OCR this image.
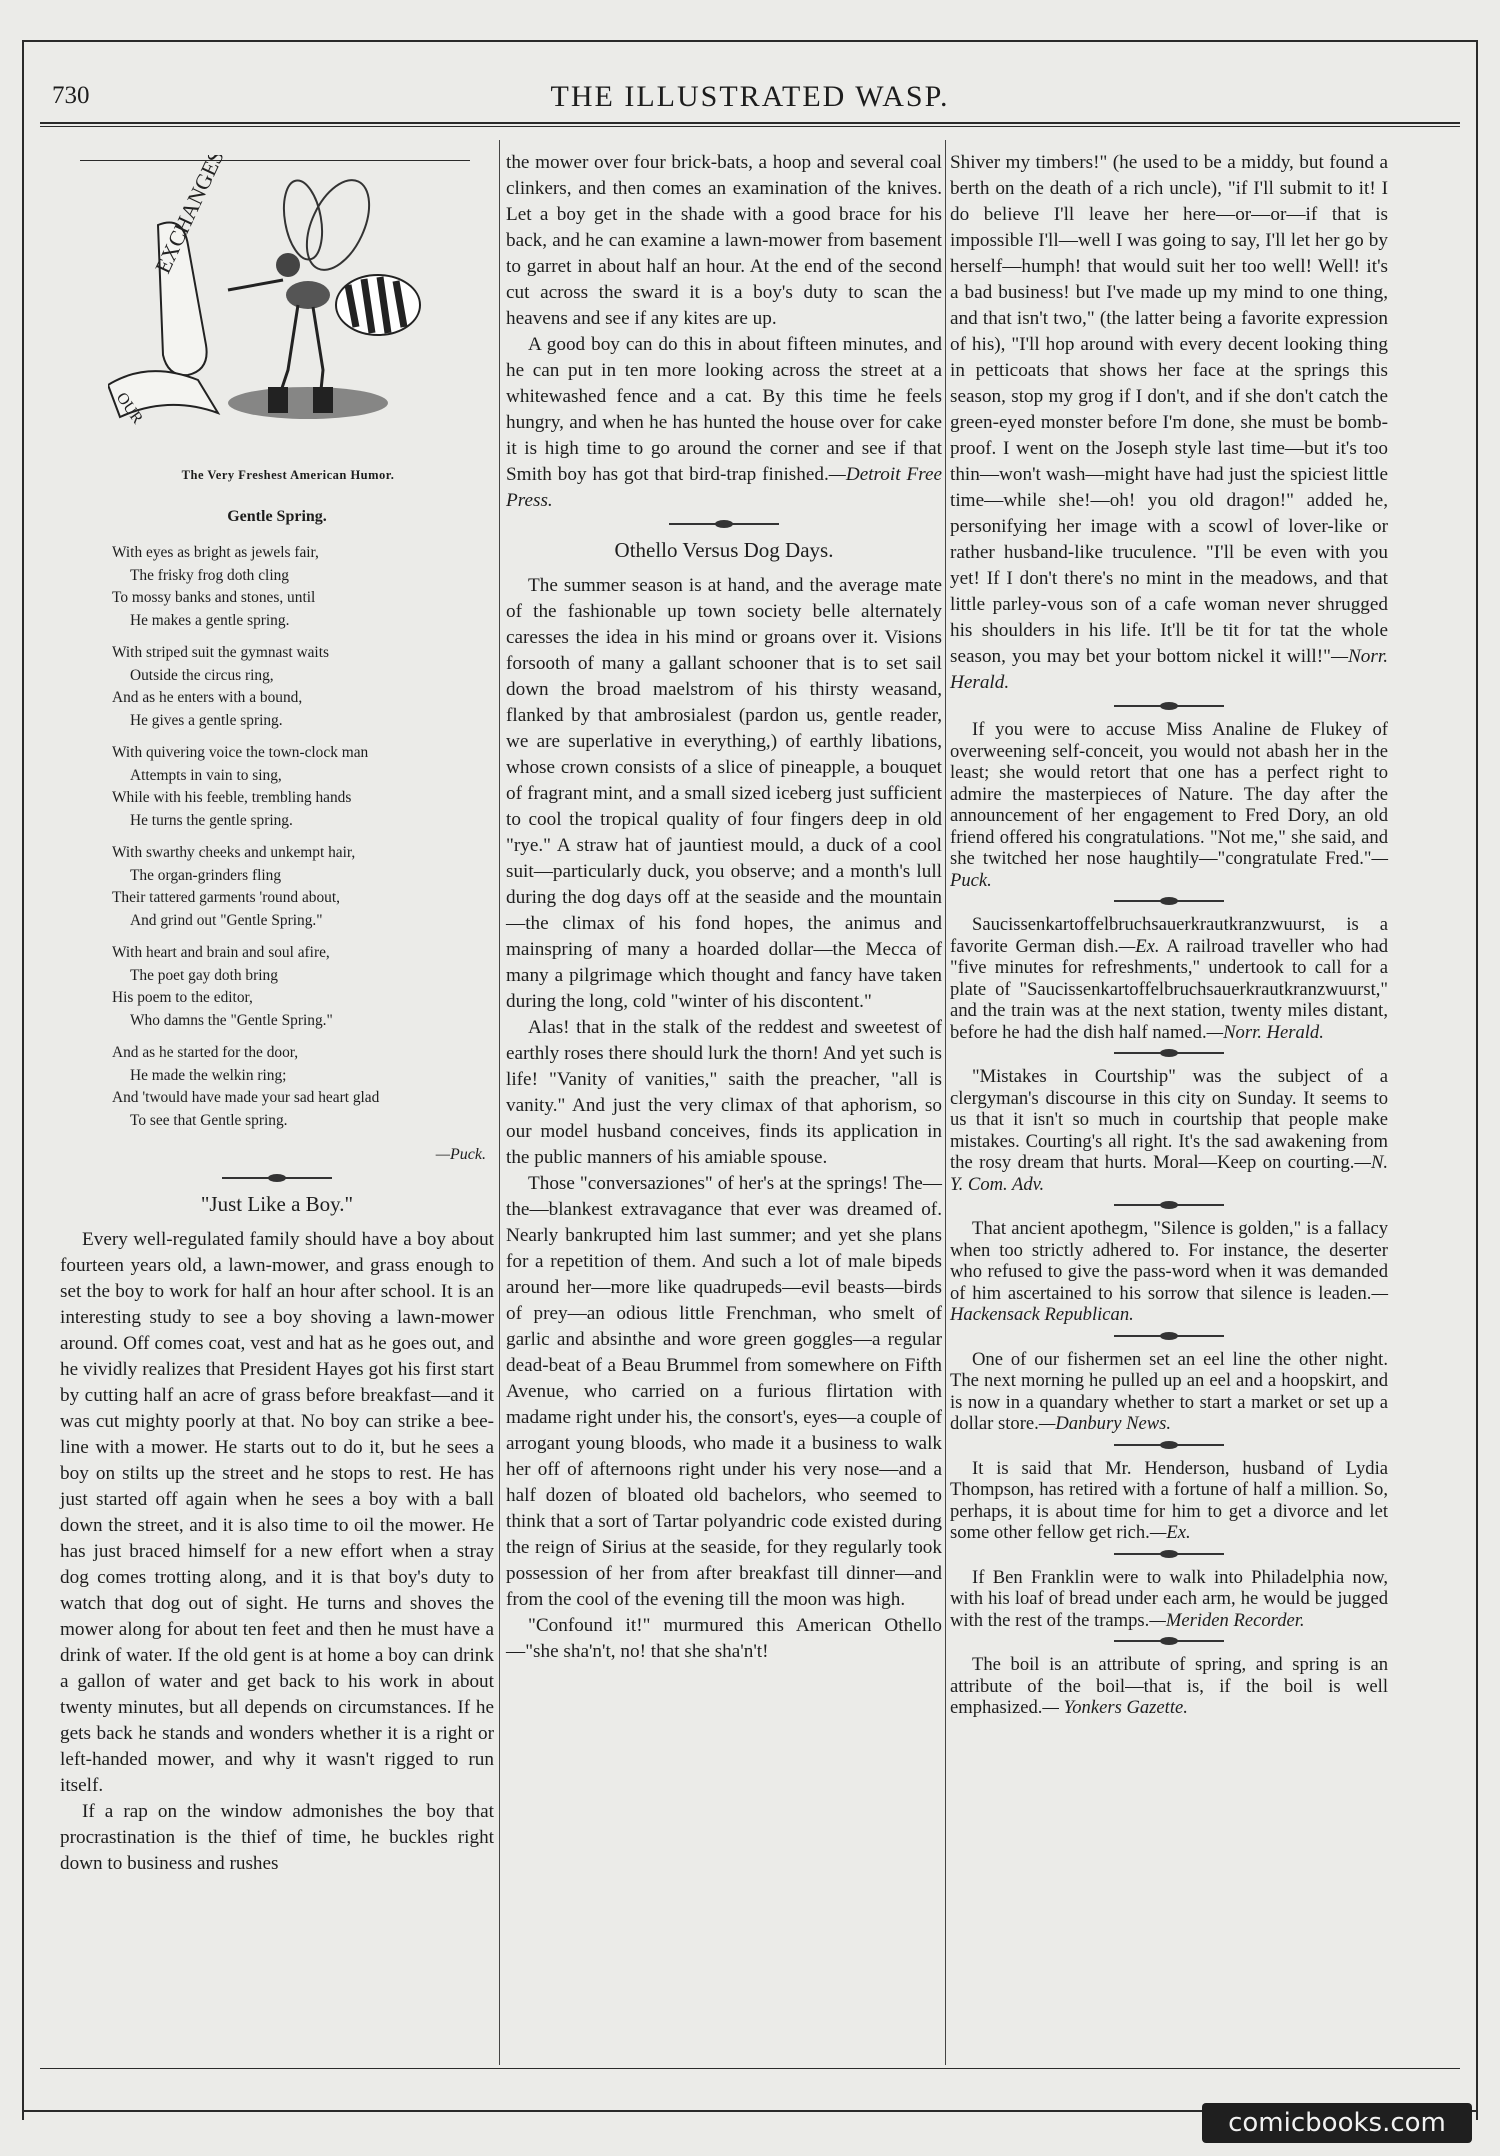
730	THE ILLUSTRATED WASP.
EXCHANGES
OUR

The Very Freshest American Humor.

Gentle Spring.
With eyes as bright as jewels fair,
The frisky frog doth cling
To mossy banks and stones, until
He makes a gentle spring.
With striped suit the gymnast waits
Outside the circus ring,
And as he enters with a bound,
He gives a gentle spring.
With quivering voice the town-clock man
Attempts in vain to sing,
While with his feeble, trembling hands
He turns the gentle spring.
With swarthy cheeks and unkempt hair,
The organ-grinders fling
Their tattered garments 'round about,
And grind out "Gentle Spring."
With heart and brain and soul afire,
The poet gay doth bring
His poem to the editor,
Who damns the "Gentle Spring."
And as he started for the door,
He made the welkin ring;
And 'twould have made your sad heart glad
To see that Gentle spring.
—Puck.
"Just Like a Boy."

Every well-regulated family should have a boy about fourteen years old, a lawn-mower, and grass enough to set the boy to work for half an hour after school. It is an interesting study to see a boy shoving a lawn-mower around. Off comes coat, vest and hat as he goes out, and he vividly realizes that President Hayes got his first start by cutting half an acre of grass before breakfast—and it was cut mighty poorly at that. No boy can strike a bee-line with a mower. He starts out to do it, but he sees a boy on stilts up the street and he stops to rest. He has just started off again when he sees a boy with a ball down the street, and it is also time to oil the mower. He has just braced himself for a new effort when a stray dog comes trotting along, and it is that boy's duty to watch that dog out of sight. He turns and shoves the mower along for about ten feet and then he must have a drink of water. If the old gent is at home a boy can drink a gallon of water and get back to his work in about twenty minutes, but all depends on circumstances. If he gets back he stands and wonders whether it is a right or left-handed mower, and why it wasn't rigged to run itself.

If a rap on the window admonishes the boy that procrastination is the thief of time, he buckles right down to business and rushes

the mower over four brick-bats, a hoop and several coal clinkers, and then comes an examination of the knives. Let a boy get in the shade with a good brace for his back, and he can examine a lawn-mower from basement to garret in about half an hour. At the end of the second cut across the sward it is a boy's duty to scan the heavens and see if any kites are up.

A good boy can do this in about fifteen minutes, and he can put in ten more looking across the street at a whitewashed fence and a cat. By this time he feels hungry, and when he has hunted the house over for cake it is high time to go around the corner and see if that Smith boy has got that bird-trap finished.—Detroit Free Press.

Othello Versus Dog Days.

The summer season is at hand, and the average mate of the fashionable up town society belle alternately caresses the idea in his mind or groans over it. Visions forsooth of many a gallant schooner that is to set sail down the broad maelstrom of his thirsty weasand, flanked by that ambrosialest (pardon us, gentle reader, we are superlative in everything,) of earthly libations, whose crown consists of a slice of pineapple, a bouquet of fragrant mint, and a small sized iceberg just sufficient to cool the tropical quality of four fingers deep in old "rye." A straw hat of jauntiest mould, a duck of a cool suit—particularly duck, you observe; and a month's lull during the dog days off at the seaside and the mountain—the climax of his fond hopes, the animus and mainspring of many a hoarded dollar—the Mecca of many a pilgrimage which thought and fancy have taken during the long, cold "winter of his discontent."

Alas! that in the stalk of the reddest and sweetest of earthly roses there should lurk the thorn! And yet such is life! "Vanity of vanities," saith the preacher, "all is vanity." And just the very climax of that aphorism, so our model husband conceives, finds its application in the public manners of his amiable spouse.

Those "conversaziones" of her's at the springs! The—the—blankest extravagance that ever was dreamed of. Nearly bankrupted him last summer; and yet she plans for a repetition of them. And such a lot of male bipeds around her—more like quadrupeds—evil beasts—birds of prey—an odious little Frenchman, who smelt of garlic and absinthe and wore green goggles—a regular dead-beat of a Beau Brummel from somewhere on Fifth Avenue, who carried on a furious flirtation with madame right under his, the consort's, eyes—a couple of arrogant young bloods, who made it a business to walk her off of afternoons right under his very nose—and a half dozen of bloated old bachelors, who seemed to think that a sort of Tartar polyandric code existed during the reign of Sirius at the seaside, for they regularly took possession of her from after breakfast till dinner—and from the cool of the evening till the moon was high.

"Confound it!" murmured this American Othello—"she sha'n't, no! that she sha'n't!

Shiver my timbers!" (he used to be a middy, but found a berth on the death of a rich uncle), "if I'll submit to it! I do believe I'll leave her here—or—or—if that is impossible I'll—well I was going to say, I'll let her go by herself—humph! that would suit her too well! Well! it's a bad business! but I've made up my mind to one thing, and that isn't two," (the latter being a favorite expression of his), "I'll hop around with every decent looking thing in petticoats that shows her face at the springs this season, stop my grog if I don't, and if she don't catch the green-eyed monster before I'm done, she must be bomb-proof. I went on the Joseph style last time—but it's too thin—won't wash—might have had just the spiciest little time—while she!—oh! you old dragon!" added he, personifying her image with a scowl of lover-like or rather husband-like truculence. "I'll be even with you yet! If I don't there's no mint in the meadows, and that little parley-vous son of a cafe woman never shrugged his shoulders in his life. It'll be tit for tat the whole season, you may bet your bottom nickel it will!"—Norr. Herald.

If you were to accuse Miss Analine de Flukey of overweening self-conceit, you would not abash her in the least; she would retort that one has a perfect right to admire the masterpieces of Nature. The day after the announcement of her engagement to Fred Dory, an old friend offered his congratulations. "Not me," she said, and she twitched her nose haughtily—"congratulate Fred."—Puck.

Saucissenkartoffelbruchsauerkrautkranzwuurst, is a favorite German dish.—Ex. A railroad traveller who had "five minutes for refreshments," undertook to call for a plate of "Saucissenkartoffelbruchsauerkrautkranzwuurst," and the train was at the next station, twenty miles distant, before he had the dish half named.—Norr. Herald.

"Mistakes in Courtship" was the subject of a clergyman's discourse in this city on Sunday. It seems to us that it isn't so much in courtship that people make mistakes. Courting's all right. It's the sad awakening from the rosy dream that hurts. Moral—Keep on courting.—N. Y. Com. Adv.

That ancient apothegm, "Silence is golden," is a fallacy when too strictly adhered to. For instance, the deserter who refused to give the pass-word when it was demanded of him ascertained to his sorrow that silence is leaden.— Hackensack Republican.

One of our fishermen set an eel line the other night. The next morning he pulled up an eel and a hoopskirt, and is now in a quandary whether to start a market or set up a dollar store.—Danbury News.

It is said that Mr. Henderson, husband of Lydia Thompson, has retired with a fortune of half a million. So, perhaps, it is about time for him to get a divorce and let some other fellow get rich.—Ex.

If Ben Franklin were to walk into Philadelphia now, with his loaf of bread under each arm, he would be jugged with the rest of the tramps.—Meriden Recorder.

The boil is an attribute of spring, and spring is an attribute of the boil—that is, if the boil is well emphasized.— Yonkers Gazette.

comicbooks.com
